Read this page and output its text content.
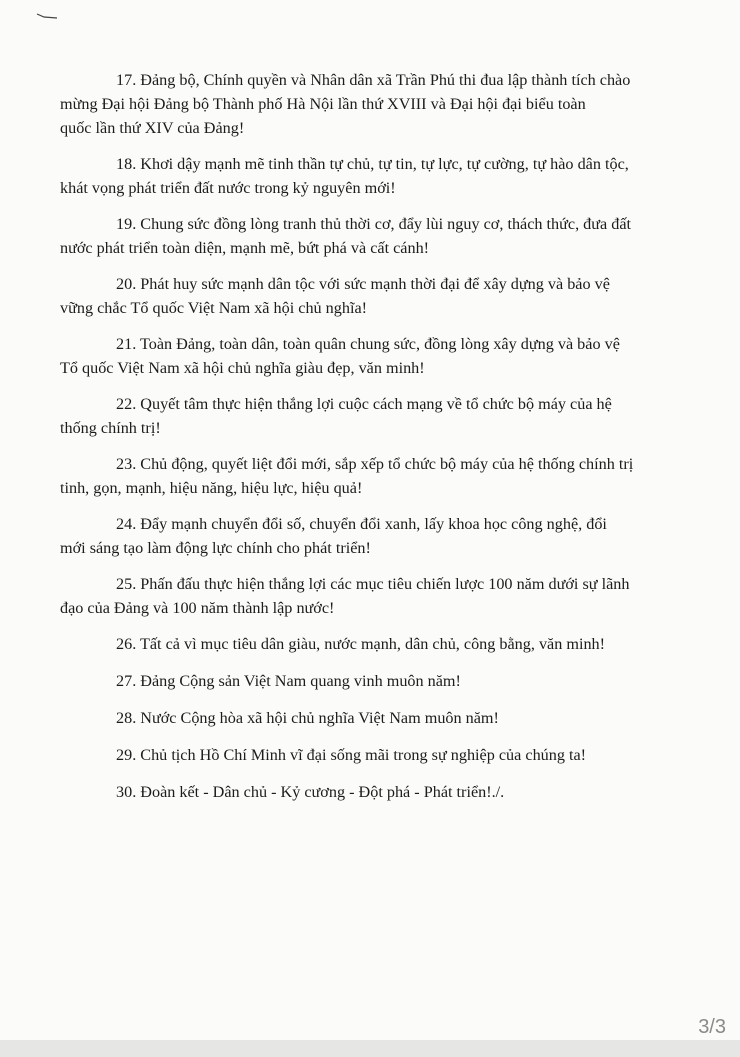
17. Đảng bộ, Chính quyền và Nhân dân xã Trần Phú thi đua lập thành tích chào
mừng Đại hội Đảng bộ Thành phố Hà Nội lần thứ XVIII và Đại hội đại biểu toàn
quốc lần thứ XIV của Đảng!
18. Khơi dậy mạnh mẽ tinh thần tự chủ, tự tin, tự lực, tự cường, tự hào dân tộc,
khát vọng phát triển đất nước trong kỷ nguyên mới!
19. Chung sức đồng lòng tranh thủ thời cơ, đẩy lùi nguy cơ, thách thức, đưa đất
nước phát triển toàn diện, mạnh mẽ, bứt phá và cất cánh!
20. Phát huy sức mạnh dân tộc với sức mạnh thời đại để xây dựng và bảo vệ
vững chắc Tổ quốc Việt Nam xã hội chủ nghĩa!
21. Toàn Đảng, toàn dân, toàn quân chung sức, đồng lòng xây dựng và bảo vệ
Tổ quốc Việt Nam xã hội chủ nghĩa giàu đẹp, văn minh!
22. Quyết tâm thực hiện thắng lợi cuộc cách mạng về tổ chức bộ máy của hệ
thống chính trị!
23. Chủ động, quyết liệt đổi mới, sắp xếp tổ chức bộ máy của hệ thống chính trị
tinh, gọn, mạnh, hiệu năng, hiệu lực, hiệu quả!
24. Đẩy mạnh chuyển đổi số, chuyển đổi xanh, lấy khoa học công nghệ, đổi
mới sáng tạo làm động lực chính cho phát triển!
25. Phấn đấu thực hiện thắng lợi các mục tiêu chiến lược 100 năm dưới sự lãnh
đạo của Đảng và 100 năm thành lập nước!
26. Tất cả vì mục tiêu dân giàu, nước mạnh, dân chủ, công bằng, văn minh!
27. Đảng Cộng sản Việt Nam quang vinh muôn năm!
28. Nước Cộng hòa xã hội chủ nghĩa Việt Nam muôn năm!
29. Chủ tịch Hồ Chí Minh vĩ đại sống mãi trong sự nghiệp của chúng ta!
30. Đoàn kết - Dân chủ - Kỷ cương - Đột phá - Phát triển!./.
3/3
